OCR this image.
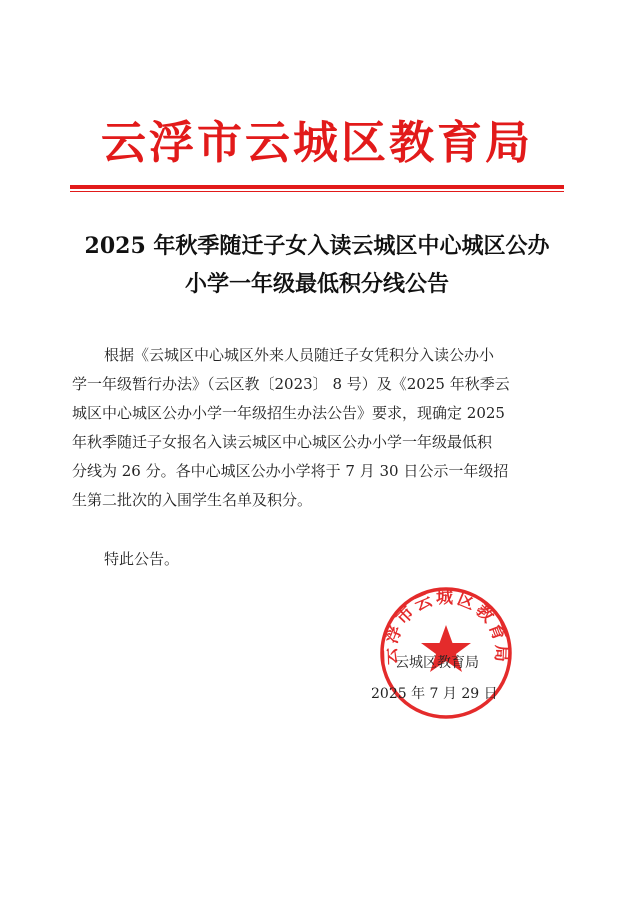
云浮市云城区教育局
2025 年秋季随迁子女入读云城区中心城区公办
小学一年级最低积分线公告
根据《云城区中心城区外来人员随迁子女凭积分入读公办小
学一年级暂行办法》（云区教〔2023〕 8 号）及《2025 年秋季云
城区中心城区公办小学一年级招生办法公告》要求，现确定 2025
年秋季随迁子女报名入读云城区中心城区公办小学一年级最低积
分线为 26 分。各中心城区公办小学将于 7 月 30 日公示一年级招
生第二批次的入围学生名单及积分。
特此公告。
云浮市云城区教育局
云城区教育局
2025 年 7 月 29 日
